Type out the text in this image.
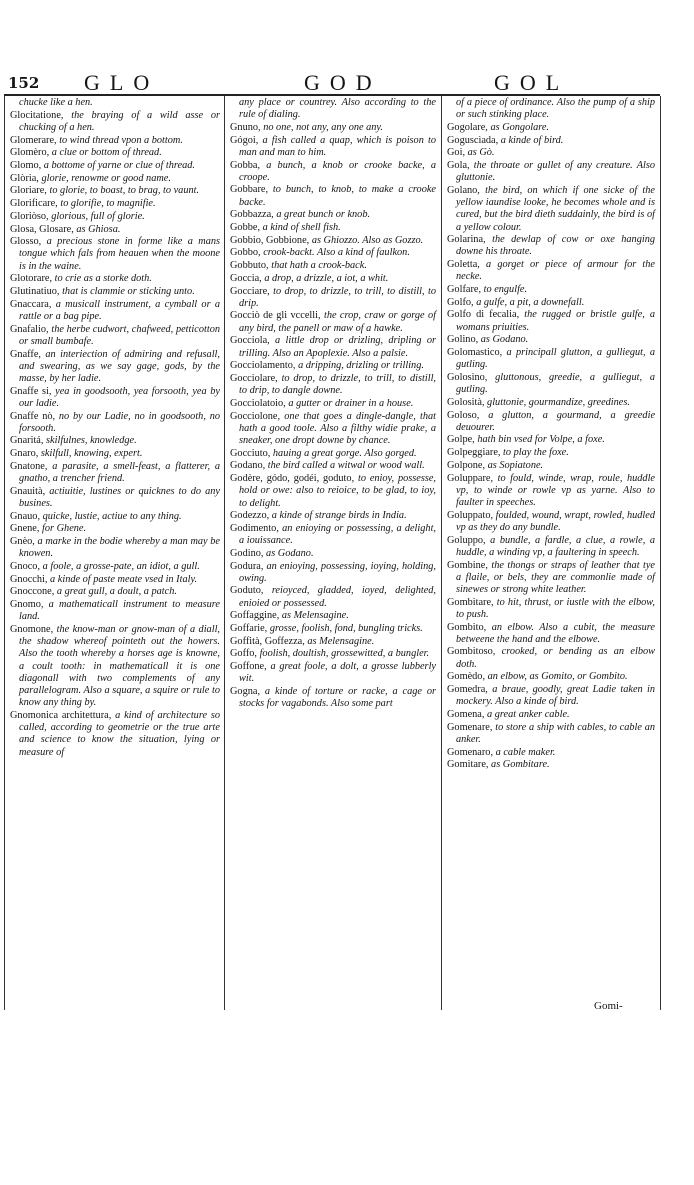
152 GLO	GOD	GOL

chucke like a hen.

Glocitatione, the braying of a wild asse or chucking of a hen.

Glomerare, to wind thread vpon a bottom.

Glomèro, a clue or bottom of thread.

Glomo, a bottome of yarne or clue of thread.

Glòria, glorie, renowme or good name.

Gloriare, to glorie, to boast, to brag, to vaunt.

Glorificare, to glorifie, to magnifie.

Gloriòso, glorious, full of glorie.

Glosa, Glosare, as Ghiosa.

Glosso, a precious stone in forme like a mans tongue which fals from heauen when the moone is in the waine.

Glotorare, to crie as a storke doth.

Glutinatiuo, that is clammie or sticking unto.

Gnaccara, a musicall instrument, a cymball or a rattle or a bag pipe.

Gnafalio, the herbe cudwort, chafweed, petticotton or small bumbafe.

Gnaffe, an interiection of admiring and refusall, and swearing, as we say gage, gods, by the masse, by her ladie.

Gnaffe si, yea in goodsooth, yea forsooth, yea by our ladie.

Gnaffe nò, no by our Ladie, no in goodsooth, no forsooth.

Gnaritá, skilfulnes, knowledge.

Gnaro, skilfull, knowing, expert.

Gnatone, a parasite, a smell-feast, a flatterer, a gnatho, a trencher friend.

Gnauità, actiuitie, lustines or quicknes to do any busines.

Gnauo, quicke, lustie, actiue to any thing.

Gnene, for Ghene.

Gnèo, a marke in the bodie whereby a man may be knowen.

Gnoco, a foole, a grosse-pate, an idiot, a gull.

Gnocchi, a kinde of paste meate vsed in Italy.

Gnoccone, a great gull, a doult, a patch.

Gnomo, a mathematicall instrument to measure land.

Gnomone, the know-man or gnow-man of a diall, the shadow whereof pointeth out the howers. Also the tooth whereby a horses age is knowne, a coult tooth: in mathematicall it is one diagonall with two complements of any parallelogram. Also a square, a squire or rule to know any thing by.

Gnomonica architettura, a kind of architecture so called, according to geometrie or the true arte and science to know the situation, lying or measure of

any place or countrey. Also according to the rule of dialing.

Gnuno, no one, not any, any one any.

Gógoi, a fish called a quap, which is poison to man and man to him.

Gobba, a bunch, a knob or crooke backe, a croope.

Gobbare, to bunch, to knob, to make a crooke backe.

Gobbazza, a great bunch or knob.

Gobbe, a kind of shell fish.

Gobbio, Gobbione, as Ghiozzo. Also as Gozzo.

Gobbo, crook-backt. Also a kind of faulkon.

Gobbuto, that hath a crook-back.

Goccia, a drop, a drizzle, a iot, a whit.

Gocciare, to drop, to drizzle, to trill, to distill, to drip.

Gocciò de gli vccelli, the crop, craw or gorge of any bird, the panell or maw of a hawke.

Gocciola, a little drop or drizling, dripling or trilling. Also an Apoplexie. Also a palsie.

Gocciolamento, a dripping, drizling or trilling.

Gocciolare, to drop, to drizzle, to trill, to distill, to drip, to dangle downe.

Gocciolatoio, a gutter or drainer in a house.

Gocciolone, one that goes a dingle-dangle, that hath a good toole. Also a filthy widie prake, a sneaker, one dropt downe by chance.

Gocciuto, hauing a great gorge. Also gorged.

Godano, the bird called a witwal or wood wall.

Godère, gódo, godéi, goduto, to enioy, possesse, hold or owe: also to reioice, to be glad, to ioy, to delight.

Godezzo, a kinde of strange birds in India.

Godimento, an enioying or possessing, a delight, a iouissance.

Godino, as Godano.

Godura, an enioying, possessing, ioying, holding, owing.

Goduto, reioyced, gladded, ioyed, delighted, enioied or possessed.

Goffaggine, as Melensagine.

Goffarie, grosse, foolish, fond, bungling tricks.

Goffità, Goffezza, as Melensagine.

Goffo, foolish, doultish, grossewitted, a bungler.

Goffone, a great foole, a dolt, a grosse lubberly wit.

Gogna, a kinde of torture or racke, a cage or stocks for vagabonds. Also some part

of a piece of ordinance. Also the pump of a ship or such stinking place.

Gogolare, as Gongolare.

Goguscìada, a kinde of bird.

Goi, as Gò.

Gola, the throate or gullet of any creature. Also gluttonie.

Golano, the bird, on which if one sicke of the yellow iaundise looke, he becomes whole and is cured, but the bird dieth suddainly, the bird is of a yellow colour.

Golarina, the dewlap of cow or oxe hanging downe his throate.

Goletta, a gorget or piece of armour for the necke.

Golfare, to engulfe.

Golfo, a gulfe, a pit, a downefall.

Golfo di fecalia, the rugged or bristle gulfe, a womans priuities.

Golino, as Godano.

Golomastico, a principall glutton, a gulliegut, a gutling.

Golosino, gluttonous, greedie, a gulliegut, a gutling.

Golosità, gluttonie, gourmandize, greedines.

Goloso, a glutton, a gourmand, a greedie deuourer.

Golpe, hath bin vsed for Volpe, a foxe.

Golpeggiare, to play the foxe.

Golpone, as Sopiatone.

Goluppare, to fould, winde, wrap, roule, huddle vp, to winde or rowle vp as yarne. Also to faulter in speeches.

Goluppato, foulded, wound, wrapt, rowled, hudled vp as they do any bundle.

Goluppo, a bundle, a fardle, a clue, a rowle, a huddle, a winding vp, a faultering in speech.

Gombine, the thongs or straps of leather that tye a flaile, or bels, they are commonlie made of sinewes or strong white leather.

Gombitare, to hit, thrust, or iustle with the elbow, to push.

Gombito, an elbow. Also a cubit, the measure betweene the hand and the elbowe.

Gombitoso, crooked, or bending as an elbow doth.

Gomèdo, an elbow, as Gomito, or Gombito.

Gomedra, a braue, goodly, great Ladie taken in mockery. Also a kinde of bird.

Gomena, a great anker cable.

Gomenare, to store a ship with cables, to cable an anker.

Gomenaro, a cable maker.

Gomitare, as Gombitare.

Gomi-
